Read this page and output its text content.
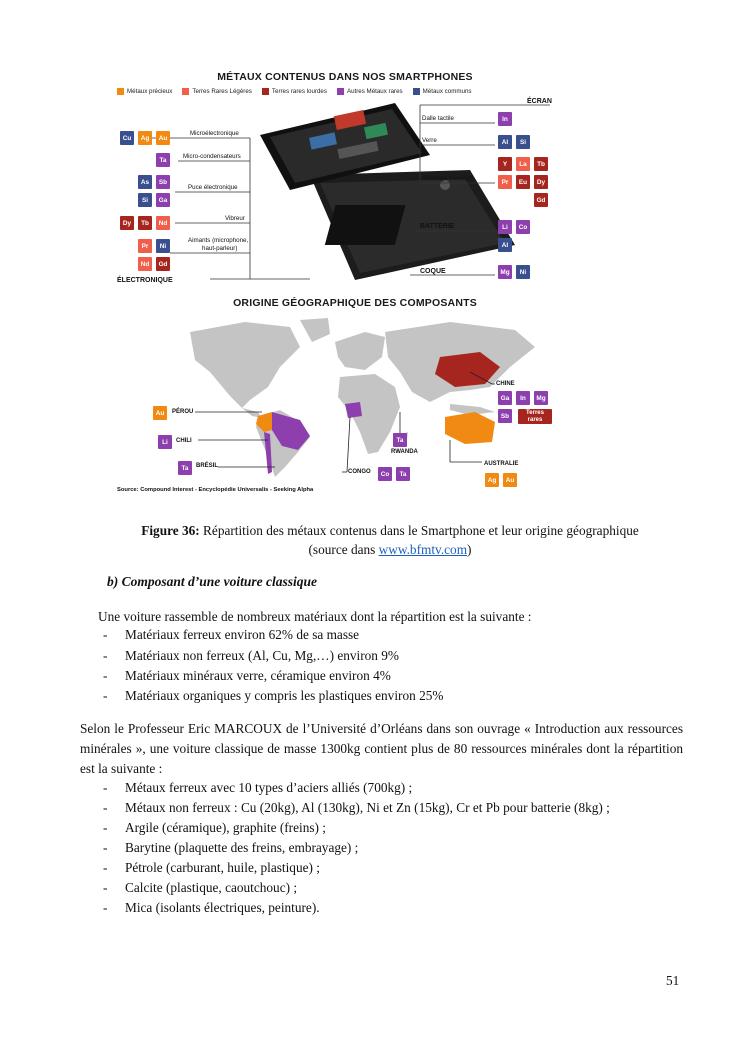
MÉTAUX CONTENUS DANS NOS SMARTPHONES
Métaux précieux	Terres Rares Légères	Terres rares lourdes	Autres Métaux rares	Métaux communs
Microélectronique
Micro-condensateurs
Puce électronique
Vibreur
Aimants (microphone,
haut-parleur)
ÉLECTRONIQUE
Cu	Ag	Au
Ta
As	Sb
Si	Ga
Dy	Tb	Nd
Pr	Ni
Nd	Gd
ÉCRAN
Dalle tactile
Verre
Affichage couleurs
BATTERIE
COQUE
In
Al	Si
Y	La	Tb
Pr	Eu	Dy
Gd
Li	Co
Al
Mg	Ni
ORIGINE GÉOGRAPHIQUE DES COMPOSANTS
CHINE
PÉROU
CHILI
BRÉSIL
CONGO
RWANDA
AUSTRALIE
Ga	In	Mg
Sb	Terres rares
Au
Li
Ta
Co	Ta
Ta
Ag	Au
Source: Compound Interest - Encyclopédie Universalis - Seeking Alpha
Figure 36: Répartition des métaux contenus dans le Smartphone et leur origine géographique
(source dans www.bfmtv.com)
b) Composant d’une voiture classique
Une voiture rassemble de nombreux matériaux dont la répartition est la suivante :
- Matériaux ferreux environ 62% de sa masse
- Matériaux non ferreux (Al, Cu, Mg,…) environ 9%
- Matériaux minéraux verre, céramique environ 4%
- Matériaux organiques y compris les plastiques environ 25%
Selon le Professeur Eric MARCOUX de l’Université d’Orléans dans son ouvrage « Introduction aux ressources minérales », une voiture classique de masse 1300kg contient plus de 80 ressources minérales dont la répartition est la suivante :
- Métaux ferreux avec 10 types d’aciers alliés (700kg) ;
- Métaux non ferreux : Cu (20kg), Al (130kg), Ni et Zn (15kg), Cr et Pb pour batterie (8kg) ;
- Argile (céramique), graphite (freins) ;
- Barytine (plaquette des freins, embrayage) ;
- Pétrole (carburant, huile, plastique) ;
- Calcite (plastique, caoutchouc) ;
- Mica (isolants électriques, peinture).
51
